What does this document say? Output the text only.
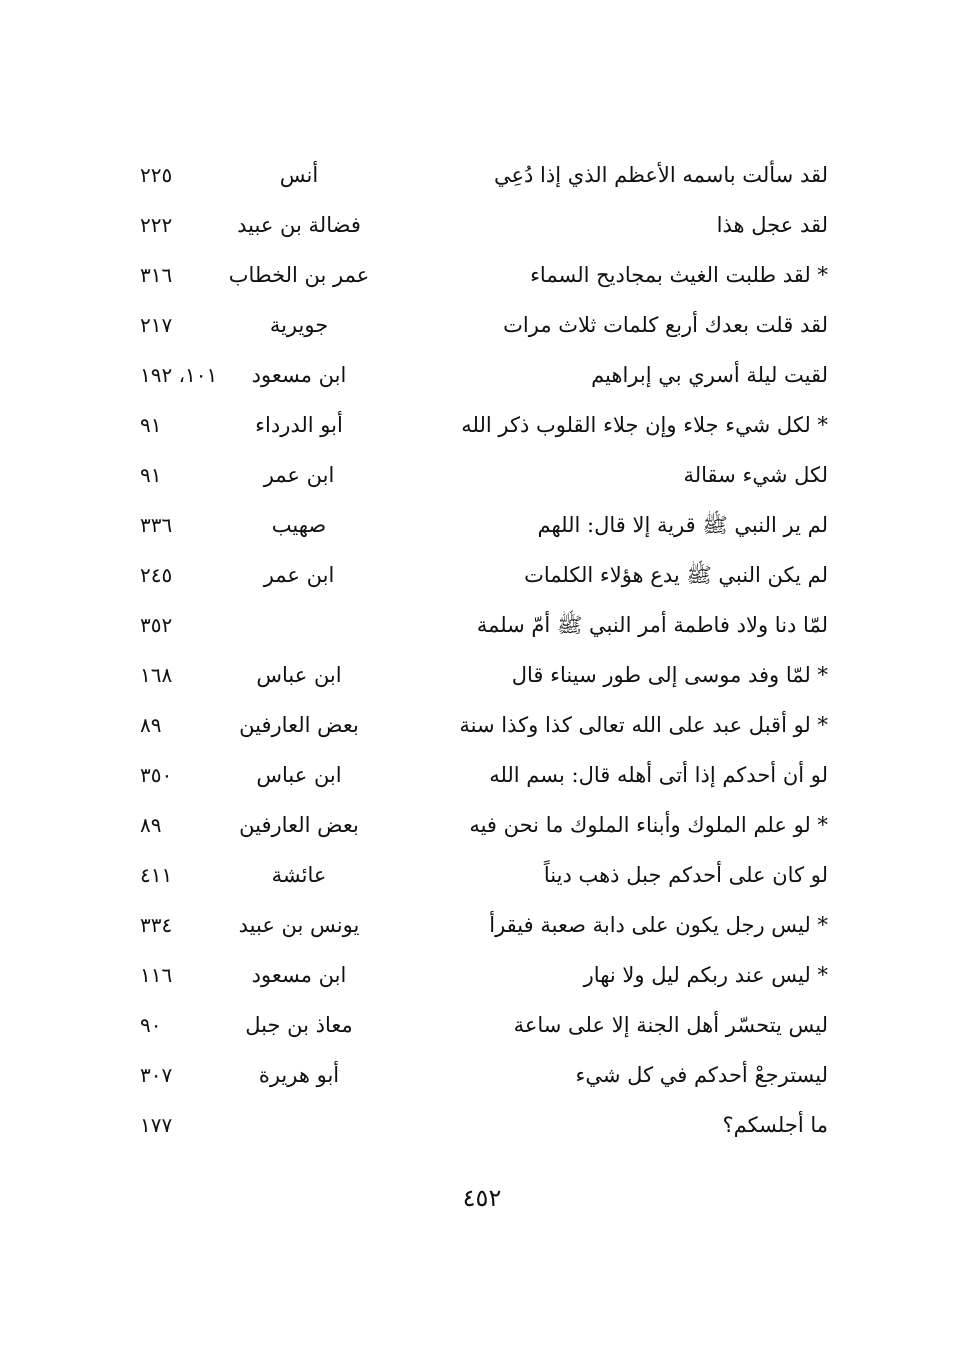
لقد سألت باسمه الأعظم الذي إذا دُعِي
أنس
٢٢٥
لقد عجل هذا
فضالة بن عبيد
٢٢٢
* لقد طلبت الغيث بمجاديح السماء
عمر بن الخطاب
٣١٦
لقد قلت بعدك أربع كلمات ثلاث مرات
جويرية
٢١٧
لقيت ليلة أسري بي إبراهيم
ابن مسعود
١٠١، ١٩٢
* لكل شيء جلاء وإن جلاء القلوب ذكر الله
أبو الدرداء
٩١
لكل شيء سقالة
ابن عمر
٩١
لم ير النبي ﷺ قرية إلا قال: اللهم
صهيب
٣٣٦
لم يكن النبي ﷺ يدع هؤلاء الكلمات
ابن عمر
٢٤٥
لمّا دنا ولاد فاطمة أمر النبي ﷺ أمّ سلمة
٣٥٢
* لمّا وفد موسى إلى طور سيناء قال
ابن عباس
١٦٨
* لو أقبل عبد على الله تعالى كذا وكذا سنة
بعض العارفين
٨٩
لو أن أحدكم إذا أتى أهله قال: بسم الله
ابن عباس
٣٥٠
* لو علم الملوك وأبناء الملوك ما نحن فيه
بعض العارفين
٨٩
لو كان على أحدكم جبل ذهب ديناً
عائشة
٤١١
* ليس رجل يكون على دابة صعبة فيقرأ
يونس بن عبيد
٣٣٤
* ليس عند ربكم ليل ولا نهار
ابن مسعود
١١٦
ليس يتحسّر أهل الجنة إلا على ساعة
معاذ بن جبل
٩٠
ليسترجعْ أحدكم في كل شيء
أبو هريرة
٣٠٧
ما أجلسكم؟
١٧٧
٤٥٢
